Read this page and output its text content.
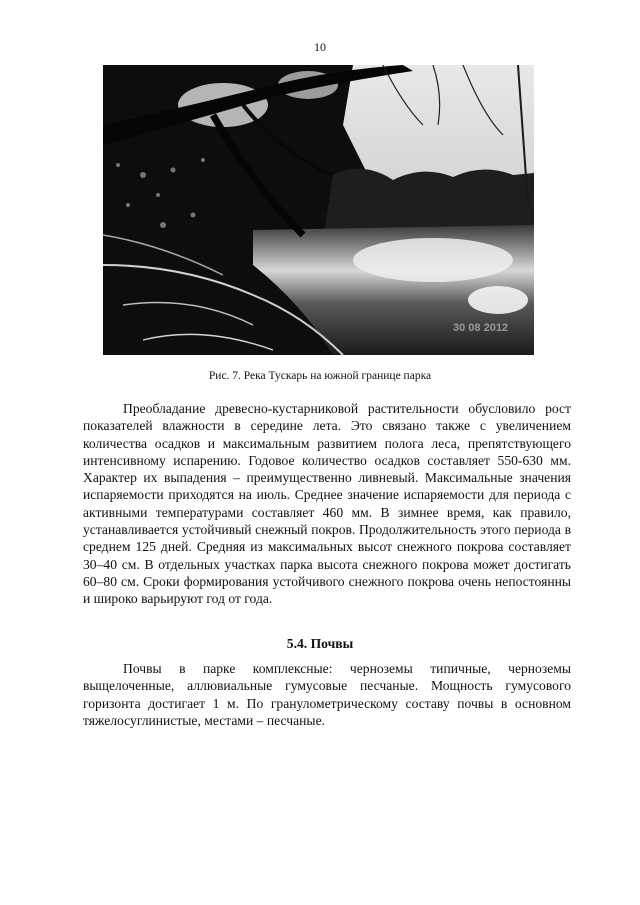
10
30 08 2012
Рис. 7. Река Тускарь на южной границе парка

Преобладание древесно-кустарниковой растительности обусловило рост показателей влажности в середине лета. Это связано также с увеличением количества осадков и максимальным развитием полога леса, препятствующего интенсивному испарению. Годовое количество осадков составляет 550-630 мм. Характер их выпадения – преимущественно ливневый. Максимальные значения испаряемости приходятся на июль. Среднее значение испаряемости для периода с активными температурами составляет 460 мм. В зимнее время, как правило, устанавливается устойчивый снежный покров. Продолжительность этого периода в среднем 125 дней. Средняя из максимальных высот снежного покрова составляет 30–40 см. В отдельных участках парка высота снежного покрова может достигать 60–80 см. Сроки формирования устойчивого снежного покрова очень непостоянны и широко варьируют год от года.

5.4. Почвы

Почвы в парке комплексные: черноземы типичные, черноземы выщелоченные, аллювиальные гумусовые песчаные. Мощность гумусового горизонта достигает 1 м. По гранулометрическому составу почвы в основном тяжелосуглинистые, местами – песчаные.
